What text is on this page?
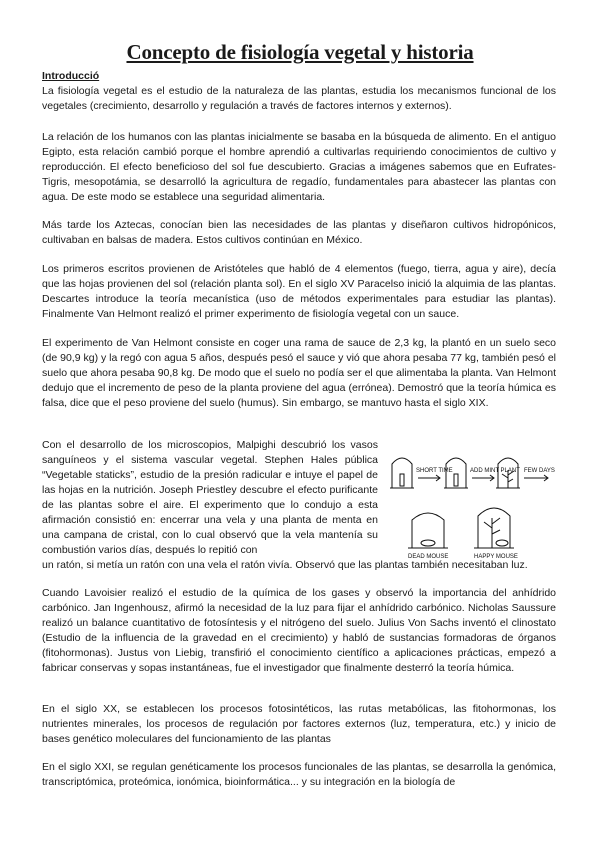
Concepto de fisiología vegetal y historia
Introducció

La fisiología vegetal es el estudio de la naturaleza de las plantas, estudia los mecanismos funcional de los vegetales (crecimiento, desarrollo y regulación a través de factores internos y externos).

La relación de los humanos con las plantas inicialmente se basaba en la búsqueda de alimento. En el antiguo Egipto, esta relación cambió porque el hombre aprendió a cultivarlas requiriendo conocimientos de cultivo y reproducción. El efecto beneficioso del sol fue descubierto. Gracias a imágenes sabemos que en Eufrates-Tigris, mesopotámia, se desarrolló la agricultura de regadío, fundamentales para abastecer las plantas con agua. De este modo se establece una seguridad alimentaria.

Más tarde los Aztecas, conocían bien las necesidades de las plantas y diseñaron cultivos hidropónicos, cultivaban en balsas de madera. Estos cultivos continúan en México.

Los primeros escritos provienen de Aristóteles que habló de 4 elementos (fuego, tierra, agua y aire), decía que las hojas provienen del sol (relación planta sol). En el siglo XV Paracelso inició la alquimia de las plantas. Descartes introduce la teoría mecanística (uso de métodos experimentales para estudiar las plantas). Finalmente Van Helmont realizó el primer experimento de fisiología vegetal con un sauce.

El experimento de Van Helmont consiste en coger una rama de sauce de 2,3 kg, la plantó en un suelo seco (de 90,9 kg) y la regó con agua 5 años, después pesó el sauce y vió que ahora pesaba 77 kg, también pesó el suelo que ahora pesaba 90,8 kg. De modo que el suelo no podía ser el que alimentaba la planta. Van Helmont dedujo que el incremento de peso de la planta proviene del agua (errónea). Demostró que la teoría húmica es falsa, dice que el peso proviene del suelo (humus). Sin embargo, se mantuvo hasta el siglo XIX.

Con el desarrollo de los microscopios, Malpighi descubrió los vasos sanguíneos y el sistema vascular vegetal. Stephen Hales públicа “Vegetable staticks”, estudio de la presión radicular e intuye el papel de las hojas en la nutrición. Joseph Priestley descubre el efecto purificante de las plantas sobre el aire. El experimento que lo condujo a esta afirmación consistió en: encerrar una vela y una planta de menta en una campana de cristal, con lo cual observó que la vela mantenía su combustión varios días, después lo repitió con

un ratón, si metía un ratón con una vela el ratón vivía. Observó que las plantas también necesitaban luz.

Cuando Lavoisier realizó el estudio de la química de los gases y observó la importancia del anhídrido carbónico. Jan Ingenhousz, afirmó la necesidad de la luz para fijar el anhídrido carbónico. Nicholas Saussure realizó un balance cuantitativo de fotosíntesis y el nitrógeno del suelo. Julius Von Sachs inventó el clinostato (Estudio de la influencia de la gravedad en el crecimiento) y habló de sustancias formadoras de órganos (fitohormonas). Justus von Liebig, transfirió el conocimiento científico a aplicaciones prácticas, empezó a fabricar conservas y sopas instantáneas, fue el investigador que finalmente desterró la teoría húmica.

En el siglo XX, se establecen los procesos fotosintéticos, las rutas metabólicas, las fitohormonas, los nutrientes minerales, los procesos de regulación por factores externos (luz, temperatura, etc.) y inicio de bases genético moleculares del funcionamiento de las plantas

En el siglo XXI, se regulan genéticamente los procesos funcionales de las plantas, se desarrolla la genómica, transcriptómica, proteómica, ionómica, bioinformática... y su integración en la biología de

SHORT TIME	ADD MINT PLANT FEW DAYS
DEAD MOUSE	HAPPY MOUSE
